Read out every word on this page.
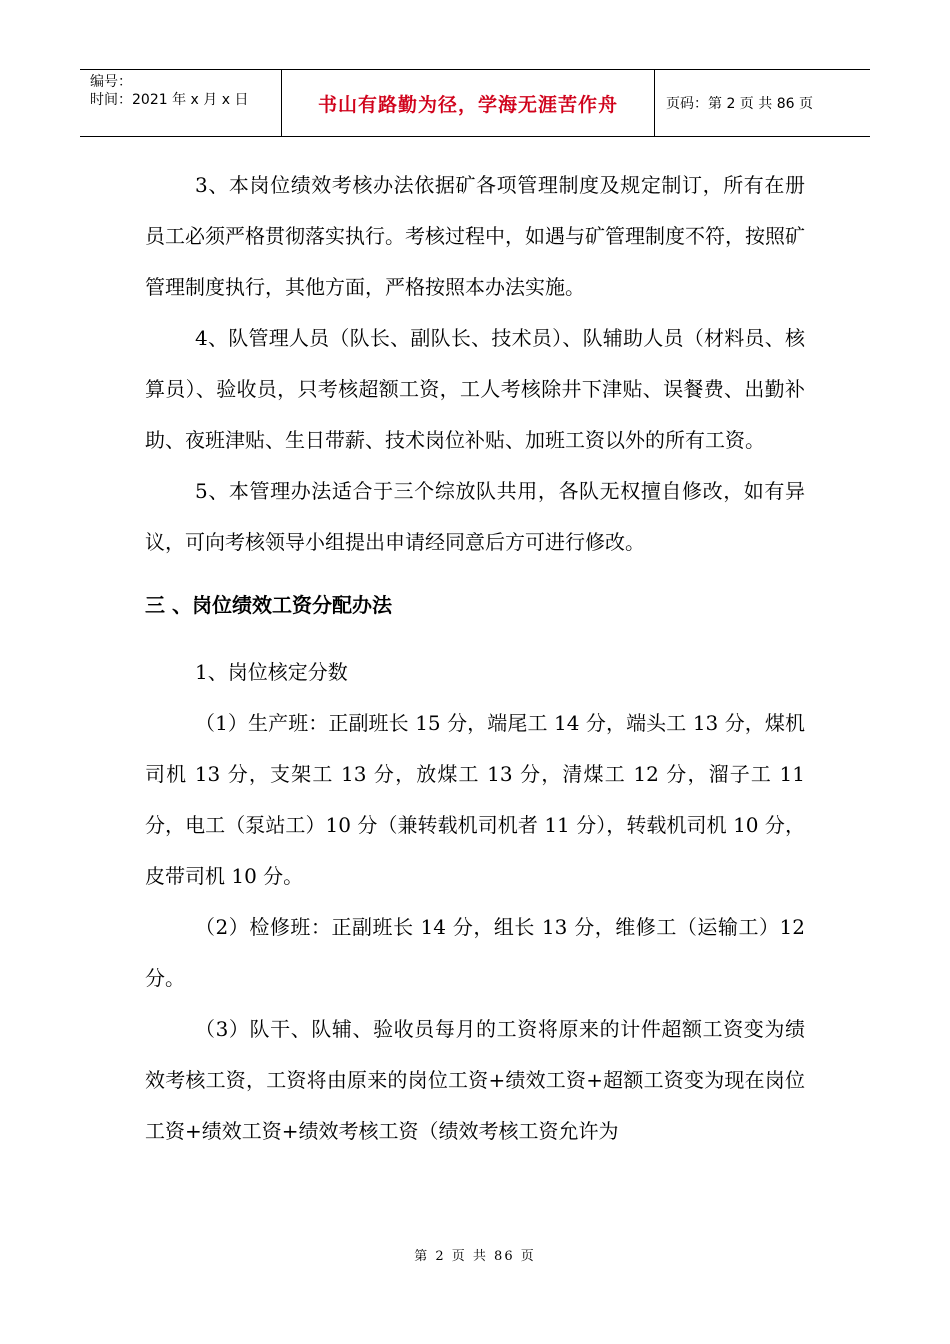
编号：
时间：2021 年 x 月 x 日	书山有路勤为径，学海无涯苦作舟	页码：第 2 页 共 86 页

3、本岗位绩效考核办法依据矿各项管理制度及规定制订，所有在册员工必须严格贯彻落实执行。考核过程中，如遇与矿管理制度不符，按照矿管理制度执行，其他方面，严格按照本办法实施。

4、队管理人员（队长、副队长、技术员）、队辅助人员（材料员、核算员）、验收员，只考核超额工资，工人考核除井下津贴、误餐费、出勤补助、夜班津贴、生日带薪、技术岗位补贴、加班工资以外的所有工资。

5、本管理办法适合于三个综放队共用，各队无权擅自修改，如有异议，可向考核领导小组提出申请经同意后方可进行修改。

三 、岗位绩效工资分配办法

1、岗位核定分数

（1）生产班：正副班长 15 分，端尾工 14 分，端头工 13 分，煤机司机 13 分，支架工 13 分，放煤工 13 分，清煤工 12 分，溜子工 11 分，电工（泵站工）10 分（兼转载机司机者 11 分），转载机司机 10 分，皮带司机 10 分。

（2）检修班：正副班长 14 分，组长 13 分，维修工（运输工）12 分。

（3）队干、队辅、验收员每月的工资将原来的计件超额工资变为绩效考核工资，工资将由原来的岗位工资+绩效工资+超额工资变为现在岗位工资+绩效工资+绩效考核工资（绩效考核工资允许为

第 2 页 共 86 页
